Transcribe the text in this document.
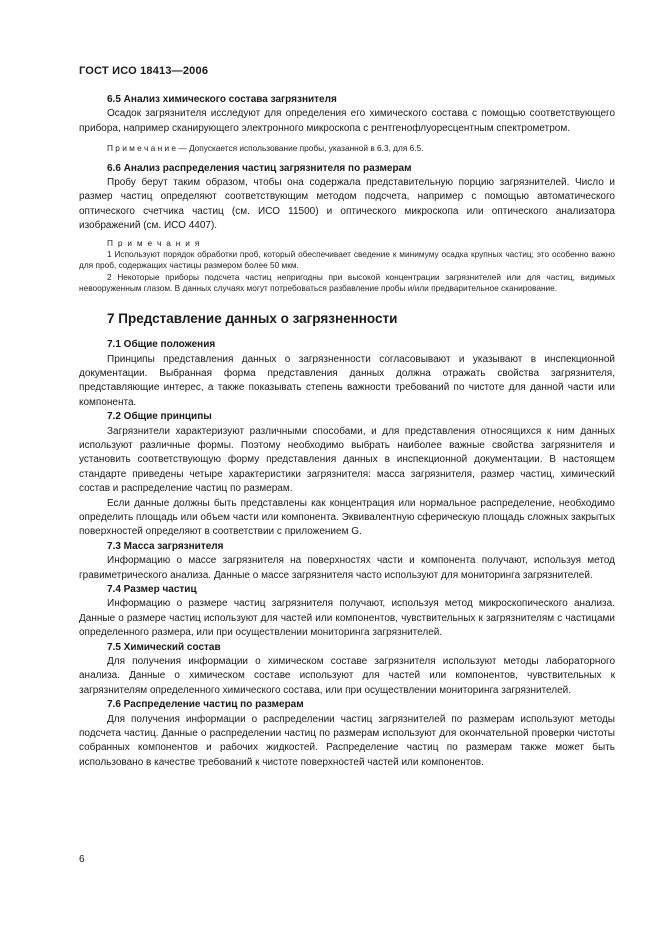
ГОСТ ИСО 18413—2006

6.5 Анализ химического состава загрязнителя

Осадок загрязнителя исследуют для определения его химического состава с помощью соответствующего прибора, например сканирующего электронного микроскопа с рентгенофлуоресцентным спектрометром.

П р и м е ч а н и е — Допускается использование пробы, указанной в 6.3, для 6.5.

6.6 Анализ распределения частиц загрязнителя по размерам

Пробу берут таким образом, чтобы она содержала представительную порцию загрязнителей. Число и размер частиц определяют соответствующим методом подсчета, например с помощью автоматического оптического счетчика частиц (см. ИСО 11500) и оптического микроскопа или оптического анализатора изображений (см. ИСО 4407).

П р и м е ч а н и я

1 Используют порядок обработки проб, который обеспечивает сведение к минимуму осадка крупных частиц; это особенно важно для проб, содержащих частицы размером более 50 мкм.

2 Некоторые приборы подсчета частиц непригодны при высокой концентрации загрязнителей или для частиц, видимых невооруженным глазом. В данных случаях могут потребоваться разбавление пробы и/или предварительное сканирование.

7 Представление данных о загрязненности

7.1 Общие положения

Принципы представления данных о загрязненности согласовывают и указывают в инспекционной документации. Выбранная форма представления данных должна отражать свойства загрязнителя, представляющие интерес, а также показывать степень важности требований по чистоте для данной части или компонента.

7.2 Общие принципы

Загрязнители характеризуют различными способами, и для представления относящихся к ним данных используют различные формы. Поэтому необходимо выбрать наиболее важные свойства загрязнителя и установить соответствующую форму представления данных в инспекционной документации. В настоящем стандарте приведены четыре характеристики загрязнителя: масса загрязнителя, размер частиц, химический состав и распределение частиц по размерам.

Если данные должны быть представлены как концентрация или нормальное распределение, необходимо определить площадь или объем части или компонента. Эквивалентную сферическую площадь сложных закрытых поверхностей определяют в соответствии с приложением G.

7.3 Масса загрязнителя

Информацию о массе загрязнителя на поверхностях части и компонента получают, используя метод гравиметрического анализа. Данные о массе загрязнителя часто используют для мониторинга загрязнителей.

7.4 Размер частиц

Информацию о размере частиц загрязнителя получают, используя метод микроскопического анализа. Данные о размере частиц используют для частей или компонентов, чувствительных к загрязнителям с частицами определенного размера, или при осуществлении мониторинга загрязнителей.

7.5 Химический состав

Для получения информации о химическом составе загрязнителя используют методы лабораторного анализа. Данные о химическом составе используют для частей или компонентов, чувствительных к загрязнителям определенного химического состава, или при осуществлении мониторинга загрязнителей.

7.6 Распределение частиц по размерам

Для получения информации о распределении частиц загрязнителей по размерам используют методы подсчета частиц. Данные о распределении частиц по размерам используют для окончательной проверки чистоты собранных компонентов и рабочих жидкостей. Распределение частиц по размерам также может быть использовано в качестве требований к чистоте поверхностей частей или компонентов.

6
